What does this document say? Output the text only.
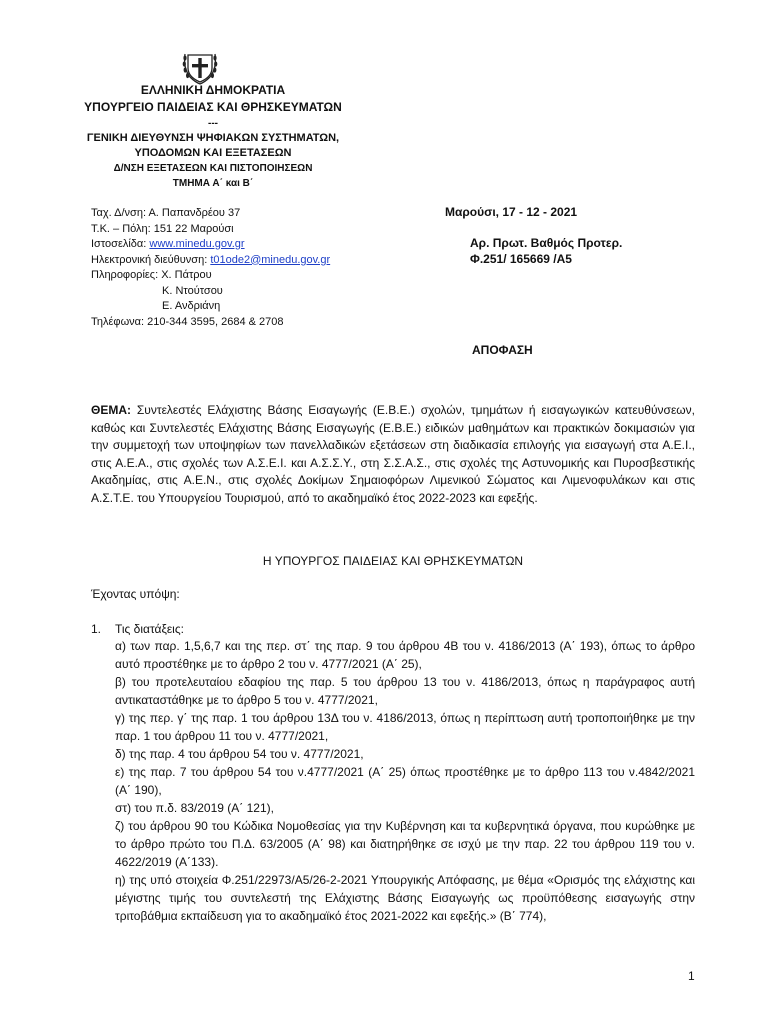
ΕΛΛΗΝΙΚΗ ΔΗΜΟΚΡΑΤΙΑ
ΥΠΟΥΡΓΕΙΟ ΠΑΙΔΕΙΑΣ ΚΑΙ ΘΡΗΣΚΕΥΜΑΤΩΝ
---
ΓΕΝΙΚΗ ΔΙΕΥΘΥΝΣΗ ΨΗΦΙΑΚΩΝ ΣΥΣΤΗΜΑΤΩΝ,
ΥΠΟΔΟΜΩΝ ΚΑΙ ΕΞΕΤΑΣΕΩΝ
Δ/ΝΣΗ ΕΞΕΤΑΣΕΩΝ ΚΑΙ ΠΙΣΤΟΠΟΙΗΣΕΩΝ
ΤΜΗΜΑ Α΄ και Β΄
Ταχ. Δ/νση: Α. Παπανδρέου 37
Τ.Κ. – Πόλη: 151 22 Μαρούσι
Ιστοσελίδα: www.minedu.gov.gr
Ηλεκτρονική διεύθυνση: t01ode2@minedu.gov.gr
Πληροφορίες: Χ. Πάτρου
Κ. Ντούτσου
Ε. Ανδριάνη
Τηλέφωνα: 210-344 3595, 2684 & 2708
Μαρούσι, 17 - 12 - 2021
Αρ. Πρωτ. Βαθμός Προτερ.
Φ.251/ 165669 /Α5
ΑΠΟΦΑΣΗ
ΘΕΜΑ: Συντελεστές Ελάχιστης Βάσης Εισαγωγής (Ε.Β.Ε.) σχολών, τμημάτων ή εισαγωγικών κατευθύνσεων, καθώς και Συντελεστές Ελάχιστης Βάσης Εισαγωγής (Ε.Β.Ε.) ειδικών μαθημάτων και πρακτικών δοκιμασιών για την συμμετοχή των υποψηφίων των πανελλαδικών εξετάσεων στη διαδικασία επιλογής για εισαγωγή στα Α.Ε.Ι., στις Α.Ε.Α., στις σχολές των Α.Σ.Ε.Ι. και Α.Σ.Σ.Υ., στη Σ.Σ.Α.Σ., στις σχολές της Αστυνομικής και Πυροσβεστικής Ακαδημίας, στις Α.Ε.Ν., στις σχολές Δοκίμων Σημαιοφόρων Λιμενικού Σώματος και Λιμενοφυλάκων και στις Α.Σ.Τ.Ε. του Υπουργείου Τουρισμού, από το ακαδημαϊκό έτος 2022-2023 και εφεξής.
Η ΥΠΟΥΡΓΟΣ ΠΑΙΔΕΙΑΣ ΚΑΙ ΘΡΗΣΚΕΥΜΑΤΩΝ
Έχοντας υπόψη:
1. Τις διατάξεις:
α) των παρ. 1,5,6,7 και της περ. στ΄ της παρ. 9 του άρθρου 4Β του ν. 4186/2013 (Α΄ 193), όπως το άρθρο αυτό προστέθηκε με το άρθρο 2 του ν. 4777/2021 (Α΄ 25),
β) του προτελευταίου εδαφίου της παρ. 5 του άρθρου 13 του ν. 4186/2013, όπως η παράγραφος αυτή αντικαταστάθηκε με το άρθρο 5 του ν. 4777/2021,
γ) της περ. γ΄ της παρ. 1 του άρθρου 13Δ του ν. 4186/2013, όπως η περίπτωση αυτή τροποποιήθηκε με την παρ. 1 του άρθρου 11 του ν. 4777/2021,
δ) της παρ. 4 του άρθρου 54 του ν. 4777/2021,
ε) της παρ. 7 του άρθρου 54 του ν.4777/2021 (Α΄ 25) όπως προστέθηκε με το άρθρο 113 του ν.4842/2021 (Α΄ 190),
στ) του π.δ. 83/2019 (Α΄ 121),
ζ) του άρθρου 90 του Κώδικα Νομοθεσίας για την Κυβέρνηση και τα κυβερνητικά όργανα, που κυρώθηκε με το άρθρο πρώτο του Π.Δ. 63/2005 (Α΄ 98) και διατηρήθηκε σε ισχύ με την παρ. 22 του άρθρου 119 του ν. 4622/2019 (Α΄133).
η) της υπό στοιχεία Φ.251/22973/Α5/26-2-2021 Υπουργικής Απόφασης, με θέμα «Ορισμός της ελάχιστης και μέγιστης τιμής του συντελεστή της Ελάχιστης Βάσης Εισαγωγής ως προϋπόθεσης εισαγωγής στην τριτοβάθμια εκπαίδευση για το ακαδημαϊκό έτος 2021-2022 και εφεξής.» (Β΄ 774),
1
